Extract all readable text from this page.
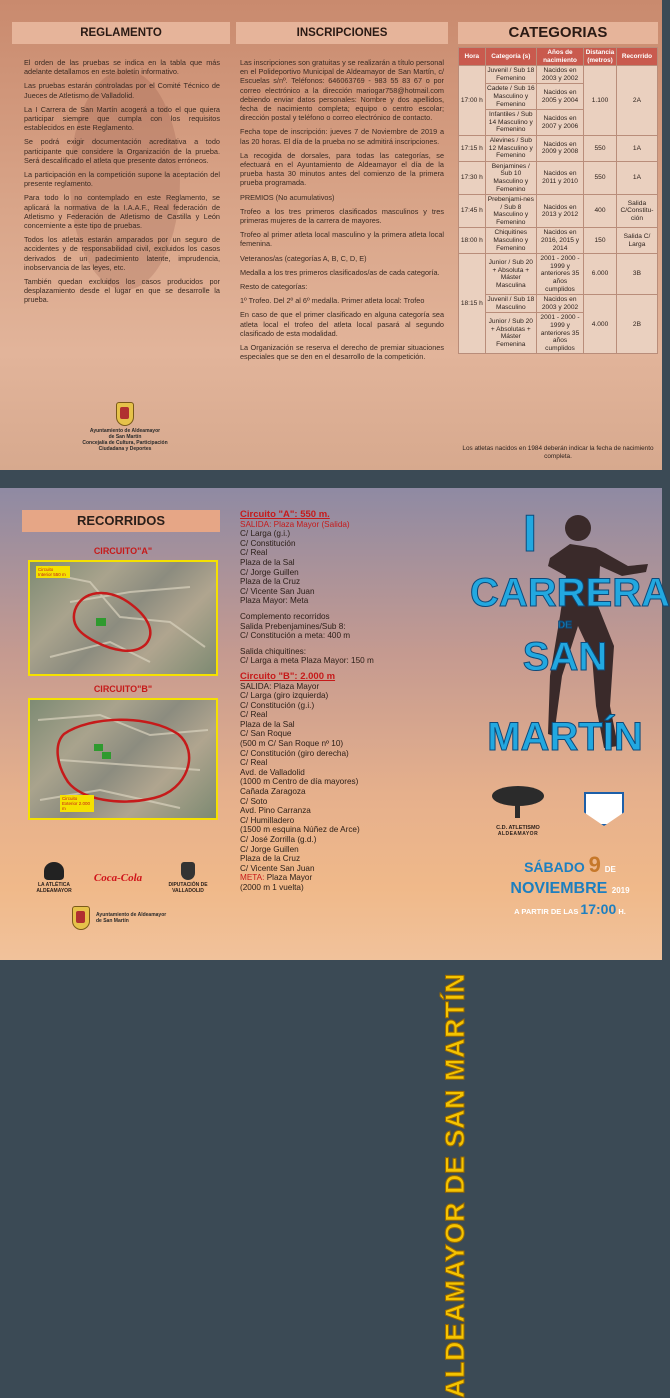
REGLAMENTO

El orden de las pruebas se indica en la tabla que más adelante detallamos en este boletín informativo.

Las pruebas estarán controladas por el Comité Técnico de Jueces de Atletismo de Valladolid.

La I Carrera de San Martín acogerá a todo el que quiera participar siempre que cumpla con los requisitos establecidos en este Reglamento.

Se podrá exigir documentación acreditativa a todo participante que considere la Organización de la prueba. Será descalificado el atleta que presente datos erróneos.

La participación en la competición supone la aceptación del presente reglamento.

Para todo lo no contemplado en este Reglamento, se aplicará la normativa de la I.A.A.F., Real federación de Atletismo y Federación de Atletismo de Castilla y León concerniente a este tipo de pruebas.

Todos los atletas estarán amparados por un seguro de accidentes y de responsabilidad civil, excluidos los casos derivados de un padecimiento latente, imprudencia, inobservancia de las leyes, etc.

También quedan excluidos los casos producidos por desplazamiento desde el lugar en que se desarrolle la prueba.

Ayuntamiento de Aldeamayor
de San Martín
Concejalía de Cultura, Participación
Ciudadana y Deportes
INSCRIPCIONES

Las inscripciones son gratuitas y se realizarán a título personal en el Polideportivo Municipal de Aldeamayor de San Martín, c/ Escuelas s/nº. Teléfonos: 646063769 - 983 55 83 67 o por correo electrónico a la dirección mariogar758@hotmail.com debiendo enviar datos personales: Nombre y dos apellidos, fecha de nacimiento completa; equipo o centro escolar; dirección postal y teléfono o correo electrónico de contacto.

Fecha tope de inscripción: jueves 7 de Noviembre de 2019 a las 20 horas. El día de la prueba no se admitirá inscripciones.

La recogida de dorsales, para todas las categorías, se efectuará en el Ayuntamiento de Aldeamayor el día de la prueba hasta 30 minutos antes del comienzo de la primera prueba programada.

PREMIOS (No acumulativos)

Trofeo a los tres primeros clasificados masculinos y tres primeras mujeres de la carrera de mayores.

Trofeo al primer atleta local masculino y la primera atleta local femenina.

Veteranos/as (categorías A, B, C, D, E)

Medalla a los tres primeros clasificados/as de cada categoría.

Resto de categorías:

1º Trofeo. Del 2º al 6º medalla. Primer atleta local: Trofeo

En caso de que el primer clasificado en alguna categoría sea atleta local el trofeo del atleta local pasará al segundo clasificado de esta modalidad.

La Organización se reserva el derecho de premiar situaciones especiales que se den en el desarrollo de la competición.

CATEGORIAS
Hora	Categoría (s)	Años de nacimiento	Distancia (metros)	Recorrido
17:00 h	Juvenil / Sub 18 Femenino	Nacidos en 2003 y 2002	1.100	2A
	Cadete / Sub 16 Masculino y Femenino	Nacidos en 2005 y 2004		
	Infantiles / Sub 14 Masculino y Femenino	Nacidos en 2007 y 2006		
17:15 h	Alevines / Sub 12 Masculino y Femenino	Nacidos en 2009 y 2008	550	1A
17:30 h	Benjamines / Sub 10 Masculino y Femenino	Nacidos en 2011 y 2010	550	1A
17:45 h	Prebenjami-nes / Sub 8 Masculino y Femenino	Nacidos en 2013 y 2012	400	Salida C/Constitu-ción
18:00 h	Chiquitines Masculino y Femenino	Nacidos en 2016, 2015 y 2014	150	Salida C/ Larga
18:15 h	Junior / Sub 20 + Absoluta + Máster Masculina	2001 - 2000 - 1999 y anteriores 35 años cumplidos	6.000	3B
	Juvenil / Sub 18 Masculino	Nacidos en 2003 y 2002	4.000	2B
	Junior / Sub 20 + Absolutas + Máster Femenina	2001 - 2000 - 1999 y anteriores 35 años cumplidos		
Los atletas nacidos en 1984 deberán indicar la fecha de nacimiento completa.
RECORRIDOS
CIRCUITO"A"
Circuito Interior 550 m
CIRCUITO"B"
Circuito Exterior 2.000 m
LA ATLÉTICA ALDEAMAYOR
Coca-Cola
DIPUTACIÓN DE VALLADOLID
Ayuntamiento de Aldeamayor
de San Martín
Circuito "A": 550 m.
SALIDA: Plaza Mayor (Salida)
C/ Larga (g.i.)
C/ Constitución
C/ Real
Plaza de la Sal
C/ Jorge Guillen
Plaza de la Cruz
C/ Vicente San Juan
Plaza Mayor: Meta
Complemento recorridos
Salida Prebenjamines/Sub 8:
C/ Constitución a meta: 400 m
Salida chiquitines:
C/ Larga a meta Plaza Mayor: 150 m
Circuito "B": 2.000 m
SALIDA: Plaza Mayor
C/ Larga (giro izquierda)
C/ Constitución (g.i.)
C/ Real
Plaza de la Sal
C/ San Roque
(500 m C/ San Roque nº 10)
C/ Constitución (giro derecha)
C/ Real
Avd. de Valladolid
(1000 m Centro de día mayores)
Cañada Zaragoza
C/ Soto
Avd. Pino Carranza
C/ Humilladero
(1500 m esquina Núñez de Arce)
C/ José Zorrilla (g.d.)
C/ Jorge Guillen
Plaza de la Cruz
C/ Vicente San Juan
META: Plaza Mayor
(2000 m 1 vuelta)
ALDEAMAYOR DE SAN MARTÍN
I
CARRERA
DE
SAN
MARTÍN
C.D. ATLETISMO
ALDEAMAYOR
SÁBADO 9 DE
NOVIEMBRE 2019
A PARTIR DE LAS 17:00 H.
